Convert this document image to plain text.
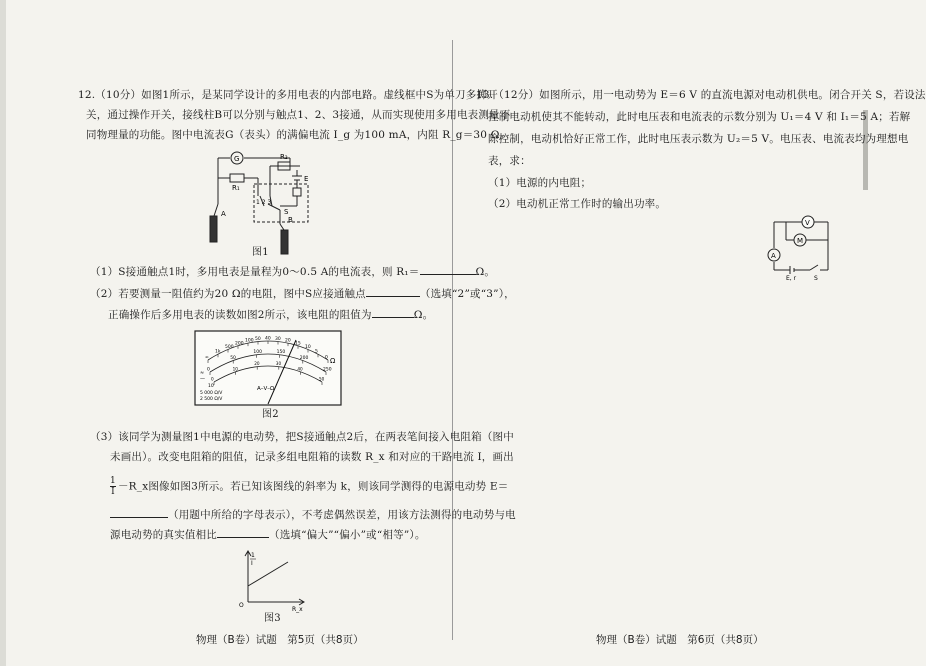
12.（10分）如图1所示，是某同学设计的多用电表的内部电路。虚线框中S为单刀多掷开
关，通过操作开关，接线柱B可以分别与触点1、2、3接通，从而实现使用多用电表测量不
同物理量的功能。图中电流表G（表头）的满偏电流 I_g 为100 mA，内阻 R_g＝30 Ω。
G
R₁
R₂
E
A
B
S
1 2 3
图1
（1）S接通触点1时，多用电表是量程为0～0.5 A的电流表，则 R₁＝	Ω。
（2）若要测量一阻值约为20 Ω的电阻，图中S应接通触点	（选填“2”或“3”），
正确操作后多用电表的读数如图2所示，该电阻的阻值为	Ω。
Ω
A–V–Ω
5 000 Ω/V
2 500 Ω/V
≈
—
10
∞
1k
500
200
100 50 40 30 20
15
10
5
0
0
50
100	150
200
250
0
10
20	30
40
50
图2
（3）该同学为测量图1中电源的电动势，把S接通触点2后，在两表笔间接入电阻箱（图中
未画出）。改变电阻箱的阻值，记录多组电阻箱的读数 R_x 和对应的干路电流 I，画出
$\frac{1}{I}$ －R_x图像如图3所示。若已知该图线的斜率为 k，则该同学测得的电源电动势 E＝
（用题中所给的字母表示），不考虑偶然误差，用该方法测得的电动势与电
源电动势的真实值相比	（选填“偏大”“偏小”或“相等”）。
1
I
O
R_x
图3
物理（B卷）试题　第5页（共8页）
13.（12分）如图所示，用一电动势为 E＝6 V 的直流电源对电动机供电。闭合开关 S，若设法
控制电动机使其不能转动，此时电压表和电流表的示数分别为 U₁＝4 V 和 I₁＝5 A；若解
除控制，电动机恰好正常工作，此时电压表示数为 U₂＝5 V。电压表、电流表均为理想电
表，求：
（1）电源的内电阻；
（2）电动机正常工作时的输出功率。
V
M
A
E, r	S
物理（B卷）试题　第6页（共8页）
